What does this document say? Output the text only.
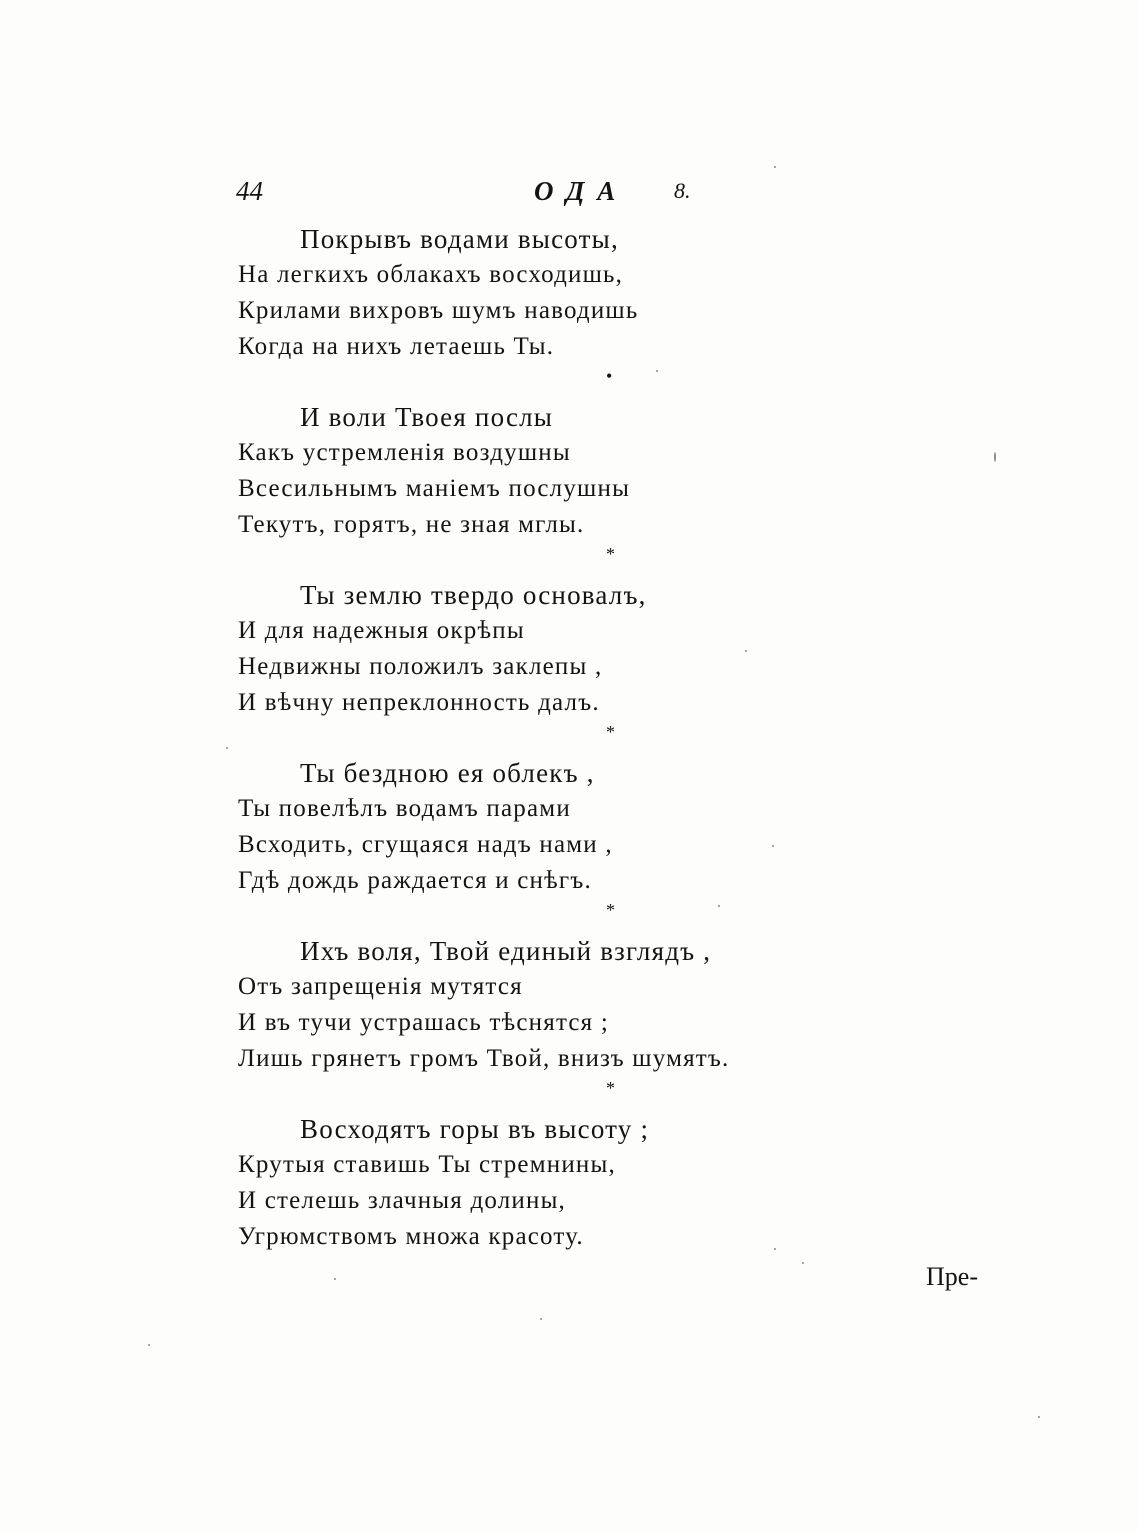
44	ОДА 8.
Покрывъ водами высоты,
На легкихъ облакахъ восходишь,
Крилами вихровъ шумъ наводишь
Когда на нихъ летаешь Ты.
•
И воли Твоея послы
Какъ устремленія воздушны
Всесильнымъ маніемъ послушны
Текутъ, горятъ, не зная мглы.
*
Ты землю твердо основалъ,
И для надежныя окрѣпы
Недвижны положилъ заклепы ,
И вѣчну непреклонность далъ.
*
Ты бездною ея облекъ ,
Ты повелѣлъ водамъ парами
Всходить, сгущаяся надъ нами ,
Гдѣ дождь раждается и снѣгъ.
*
Ихъ воля, Твой единый взглядъ ,
Отъ запрещенія мутятся
И въ тучи устрашась тѣснятся ;
Лишь грянетъ громъ Твой, внизъ шумятъ.
*
Восходятъ горы въ высоту ;
Крутыя ставишь Ты стремнины,
И стелешь злачныя долины,
Угрюмствомъ множа красоту.
Пре-
